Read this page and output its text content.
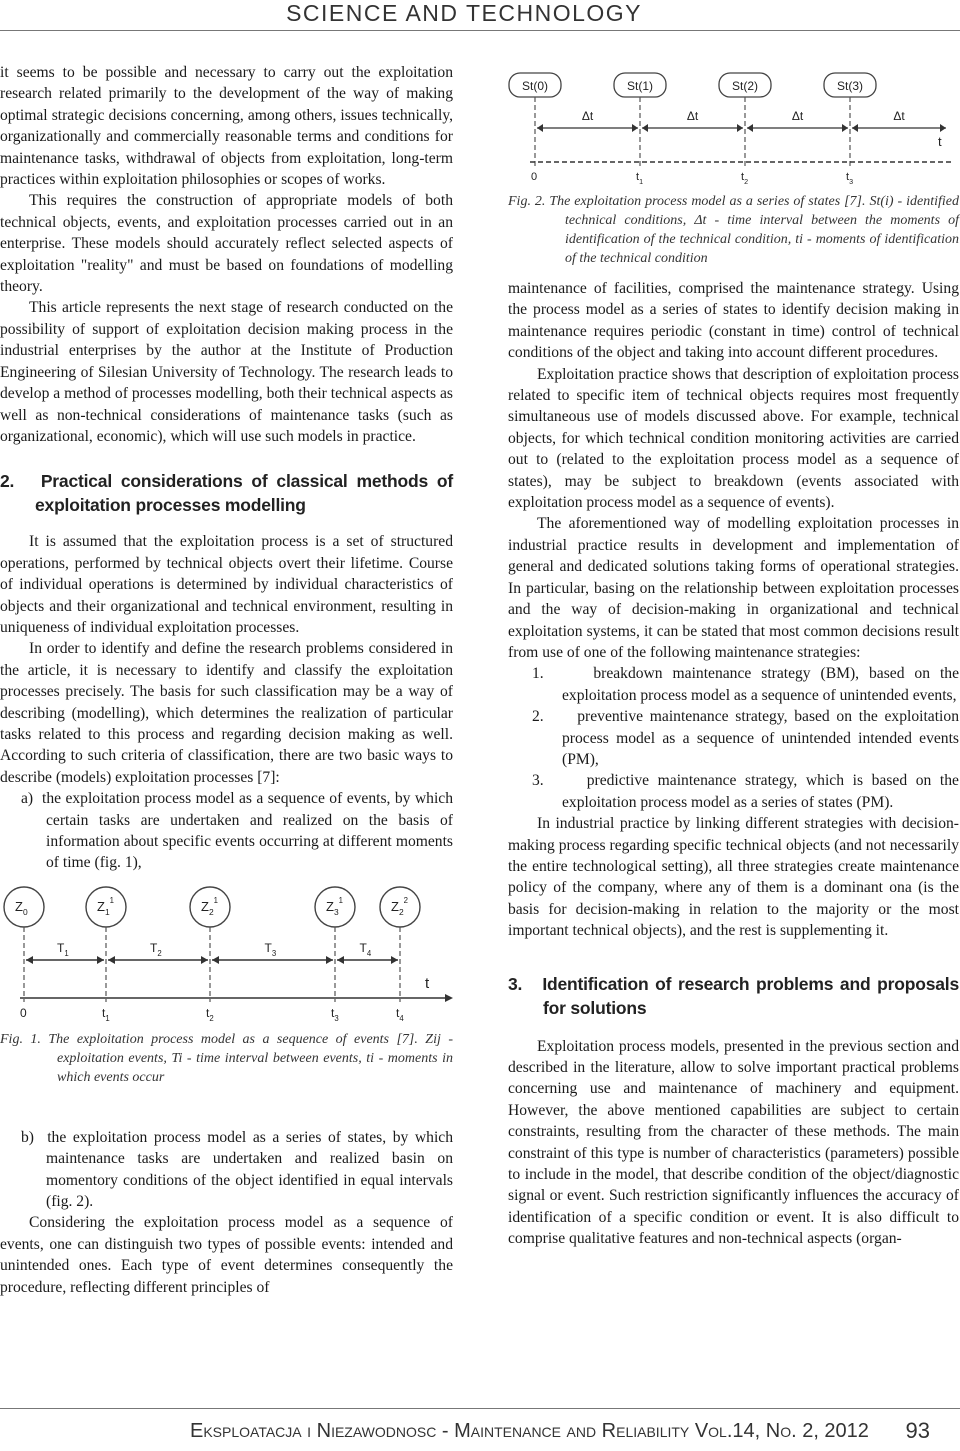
SCIENCE AND TECHNOLOGY

it seems to be possible and necessary to carry out the exploitation research related primarily to the development of the way of making optimal strategic decisions concerning, among others, issues technically, organizationally and commercially reasonable terms and conditions for maintenance tasks, withdrawal of objects from exploitation, long-term practices within exploitation philosophies or scopes of works.

This requires the construction of appropriate models of both technical objects, events, and exploitation processes carried out in an enterprise. These models should accurately reflect selected aspects of exploitation "reality" and must be based on foundations of modelling theory.

This article represents the next stage of research conducted on the possibility of support of exploitation decision making process in the industrial enterprises by the author at the Institute of Production Engineering of Silesian University of Technology. The research leads to develop a method of processes modelling, both their technical aspects as well as non-technical considerations of maintenance tasks (such as organizational, economic), which will use such models in practice.

2. Practical considerations of classical methods of exploitation processes modelling

It is assumed that the exploitation process is a set of structured operations, performed by technical objects overt their lifetime. Course of individual operations is determined by individual characteristics of objects and their organizational and technical environment, resulting in uniqueness of individual exploitation processes.

In order to identify and define the research problems considered in the article, it is necessary to identify and classify the exploitation processes precisely. The basis for such classification may be a way of describing (modelling), which determines the realization of particular tasks related to this process and regarding decision making as well. According to such criteria of classification, there are two basic ways to describe (models) exploitation processes [7]:

a) the exploitation process model as a sequence of events, by which certain tasks are undertaken and realized on the basis of information about specific events occurring at different moments of time (fig. 1),

$Z_0$	$Z_1^1$	$Z_2^1$	$Z_3^1$	$Z_2^2$
$T_1$	$T_2$	$T_3$	$T_4$
t
0	$t_1$	$t_2$	$t_3$	$t_4$

Fig. 1. The exploitation process model as a sequence of events [7]. Zij - exploitation events, Ti - time interval between events, ti - moments in which events occur

b) the exploitation process model as a series of states, by which maintenance tasks are undertaken and realized basin on momentory conditions of the object identified in equal intervals (fig. 2).

Considering the exploitation process model as a sequence of events, one can distinguish two types of possible events: intended and unintended ones. Each type of event determines consequently the procedure, reflecting different principles of

St(0)	St(1)	St(2)	St(3)
Δt	Δt	Δt	Δt
t
0	$t_1$	$t_2$	$t_3$

Fig. 2. The exploitation process model as a series of states [7]. St(i) - identified technical conditions, Δt - time interval between the moments of identification of the technical condition, ti - moments of identification of the technical condition

maintenance of facilities, comprised the maintenance strategy. Using the process model as a series of states to identify decision making in maintenance requires periodic (constant in time) control of technical conditions of the object and taking into account different procedures.

Exploitation practice shows that description of exploitation process related to specific item of technical objects requires most frequently simultaneous use of models discussed above. For example, technical objects, for which technical condition monitoring activities are carried out to (related to the exploitation process model as a sequence of states), may be subject to breakdown (events associated with exploitation process model as a sequence of events).

The aforementioned way of modelling exploitation processes in industrial practice results in development and implementation of general and dedicated solutions taking forms of operational strategies. In particular, basing on the relationship between exploitation processes and the way of decision-making in organizational and technical exploitation systems, it can be stated that most common decisions result from use of one of the following maintenance strategies:

1.	breakdown maintenance strategy (BM), based on the exploitation process model as a sequence of unintended events,

2. preventive maintenance strategy, based on the exploitation process model as a sequence of unintended intended events (PM),

3.	predictive maintenance strategy, which is based on the exploitation process model as a series of states (PM).

In industrial practice by linking different strategies with decision-making process regarding specific technical objects (and not necessarily the entire technological setting), all three strategies create maintenance policy of the company, where any of them is a dominant ona (is the basis for decision-making in relation to the majority or the most important technical objects), and the rest is supplementing it.

3. Identification of research problems and proposals for solutions

Exploitation process models, presented in the previous section and described in the literature, allow to solve important practical problems concerning use and maintenance of machinery and equipment. However, the above mentioned capabilities are subject to certain constraints, resulting from the character of these methods. The main constraint of this type is number of characteristics (parameters) possible to include in the model, that describe condition of the object/diagnostic signal or event. Such restriction significantly influences the accuracy of identification of a specific condition or event. It is also difficult to comprise qualitative features and non-technical aspects (organ-

Eksploatacja i Niezawodnosc - Maintenance and Reliability Vol.14, No. 2, 2012 93
